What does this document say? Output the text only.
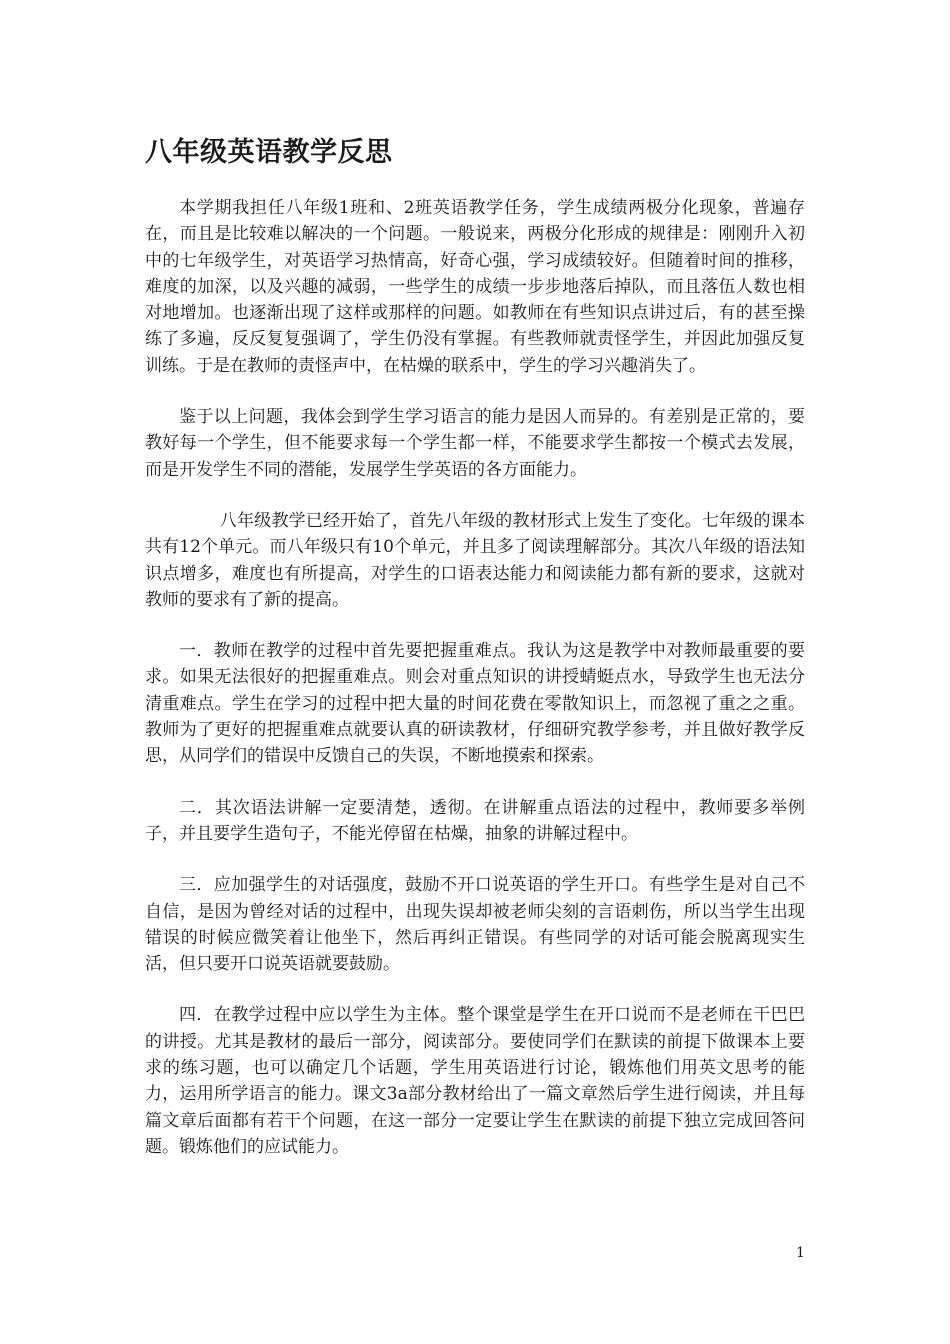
八年级英语教学反思

本学期我担任八年级1班和、2班英语教学任务，学生成绩两极分化现象，普遍存在，而且是比较难以解决的一个问题。一般说来，两极分化形成的规律是：刚刚升入初中的七年级学生，对英语学习热情高，好奇心强，学习成绩较好。但随着时间的推移，难度的加深，以及兴趣的减弱，一些学生的成绩一步步地落后掉队，而且落伍人数也相对地增加。也逐渐出现了这样或那样的问题。如教师在有些知识点讲过后，有的甚至操练了多遍，反反复复强调了，学生仍没有掌握。有些教师就责怪学生，并因此加强反复训练。于是在教师的责怪声中，在枯燥的联系中，学生的学习兴趣消失了。

鉴于以上问题，我体会到学生学习语言的能力是因人而异的。有差别是正常的，要教好每一个学生，但不能要求每一个学生都一样，不能要求学生都按一个模式去发展，而是开发学生不同的潜能，发展学生学英语的各方面能力。

八年级教学已经开始了，首先八年级的教材形式上发生了变化。七年级的课本共有12个单元。而八年级只有10个单元，并且多了阅读理解部分。其次八年级的语法知识点增多，难度也有所提高，对学生的口语表达能力和阅读能力都有新的要求，这就对教师的要求有了新的提高。

一．教师在教学的过程中首先要把握重难点。我认为这是教学中对教师最重要的要求。如果无法很好的把握重难点。则会对重点知识的讲授蜻蜓点水，导致学生也无法分清重难点。学生在学习的过程中把大量的时间花费在零散知识上，而忽视了重之之重。教师为了更好的把握重难点就要认真的研读教材，仔细研究教学参考，并且做好教学反思，从同学们的错误中反馈自己的失误，不断地摸索和探索。

二．其次语法讲解一定要清楚，透彻。在讲解重点语法的过程中，教师要多举例子，并且要学生造句子，不能光停留在枯燥，抽象的讲解过程中。

三．应加强学生的对话强度，鼓励不开口说英语的学生开口。有些学生是对自己不自信，是因为曾经对话的过程中，出现失误却被老师尖刻的言语刺伤，所以当学生出现错误的时候应微笑着让他坐下，然后再纠正错误。有些同学的对话可能会脱离现实生活，但只要开口说英语就要鼓励。

四．在教学过程中应以学生为主体。整个课堂是学生在开口说而不是老师在干巴巴的讲授。尤其是教材的最后一部分，阅读部分。要使同学们在默读的前提下做课本上要求的练习题，也可以确定几个话题，学生用英语进行讨论，锻炼他们用英文思考的能力，运用所学语言的能力。课文3a部分教材给出了一篇文章然后学生进行阅读，并且每篇文章后面都有若干个问题，在这一部分一定要让学生在默读的前提下独立完成回答问题。锻炼他们的应试能力。

1
